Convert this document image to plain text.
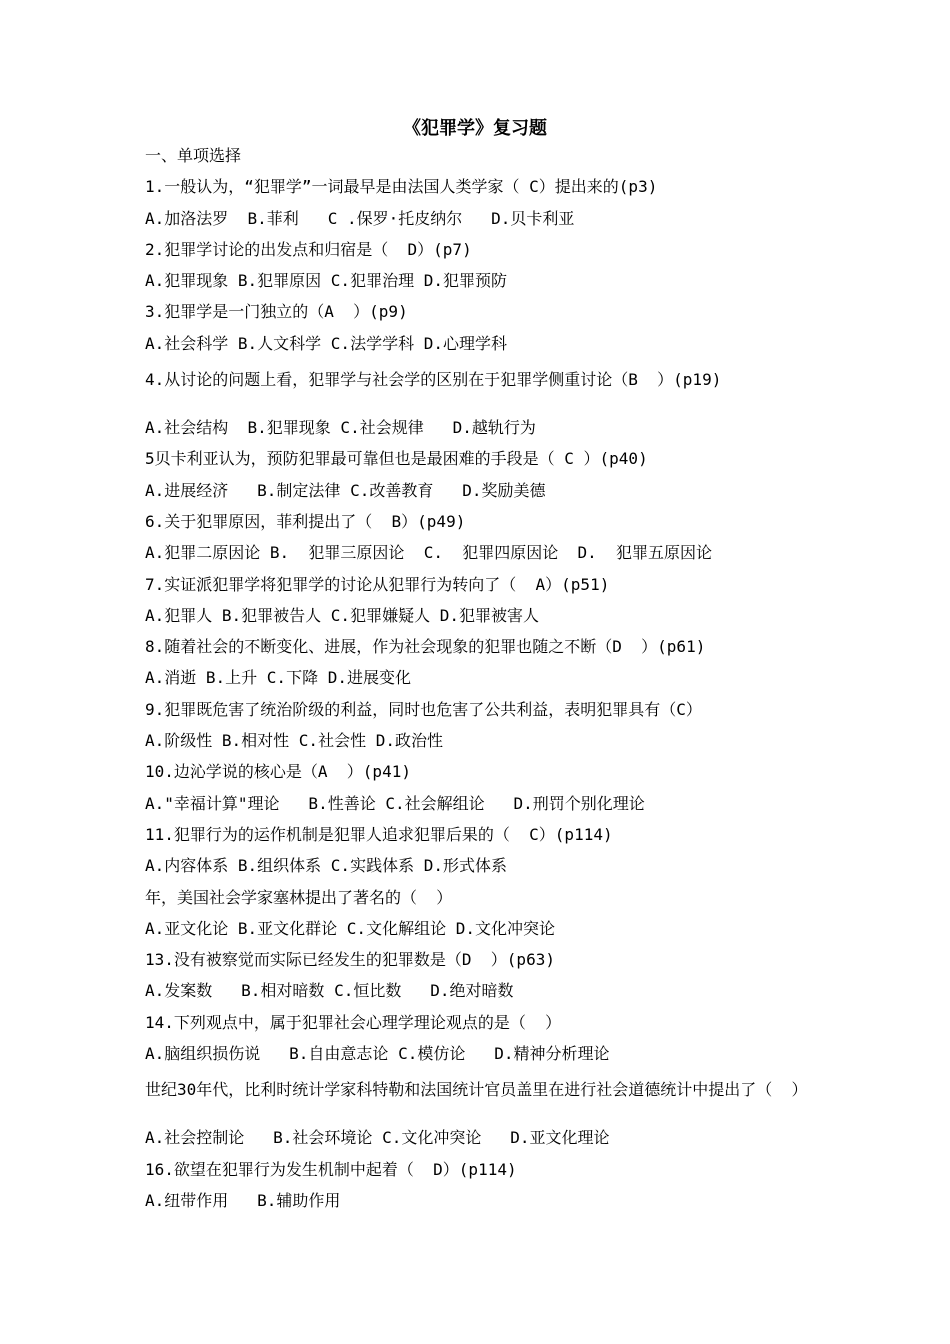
《犯罪学》复习题
一、单项选择
1.一般认为，“犯罪学”一词最早是由法国人类学家（ C）提出来的(p3)
A.加洛法罗  B.菲利   C .保罗·托皮纳尔   D.贝卡利亚
2.犯罪学讨论的出发点和归宿是（  D）(p7)
A.犯罪现象 B.犯罪原因 C.犯罪治理 D.犯罪预防
3.犯罪学是一门独立的（A  ）(p9)
A.社会科学 B.人文科学 C.法学学科 D.心理学科
4.从讨论的问题上看，犯罪学与社会学的区别在于犯罪学侧重讨论（B  ）(p19)
A.社会结构  B.犯罪现象 C.社会规律   D.越轨行为
5贝卡利亚认为，预防犯罪最可靠但也是最困难的手段是（ C ）(p40)
A.进展经济   B.制定法律 C.改善教育   D.奖励美德
6.关于犯罪原因，菲利提出了（  B）(p49)
A.犯罪二原因论 B.  犯罪三原因论  C.  犯罪四原因论  D.  犯罪五原因论
7.实证派犯罪学将犯罪学的讨论从犯罪行为转向了（  A）(p51)
A.犯罪人 B.犯罪被告人 C.犯罪嫌疑人 D.犯罪被害人
8.随着社会的不断变化、进展，作为社会现象的犯罪也随之不断（D  ）(p61)
A.消逝 B.上升 C.下降 D.进展变化
9.犯罪既危害了统治阶级的利益，同时也危害了公共利益，表明犯罪具有（C）
A.阶级性 B.相对性 C.社会性 D.政治性
10.边沁学说的核心是（A  ）(p41)
A."幸福计算"理论   B.性善论 C.社会解组论   D.刑罚个别化理论
11.犯罪行为的运作机制是犯罪人追求犯罪后果的（  C）(p114)
A.内容体系 B.组织体系 C.实践体系 D.形式体系
年，美国社会学家塞林提出了著名的（  ）
A.亚文化论 B.亚文化群论 C.文化解组论 D.文化冲突论
13.没有被察觉而实际已经发生的犯罪数是（D  ）(p63)
A.发案数   B.相对暗数 C.恒比数   D.绝对暗数
14.下列观点中，属于犯罪社会心理学理论观点的是（  ）
A.脑组织损伤说   B.自由意志论 C.模仿论   D.精神分析理论
世纪30年代，比利时统计学家科特勒和法国统计官员盖里在进行社会道德统计中提出了（  ）
A.社会控制论   B.社会环境论 C.文化冲突论   D.亚文化理论
16.欲望在犯罪行为发生机制中起着（  D）(p114)
A.纽带作用   B.辅助作用
